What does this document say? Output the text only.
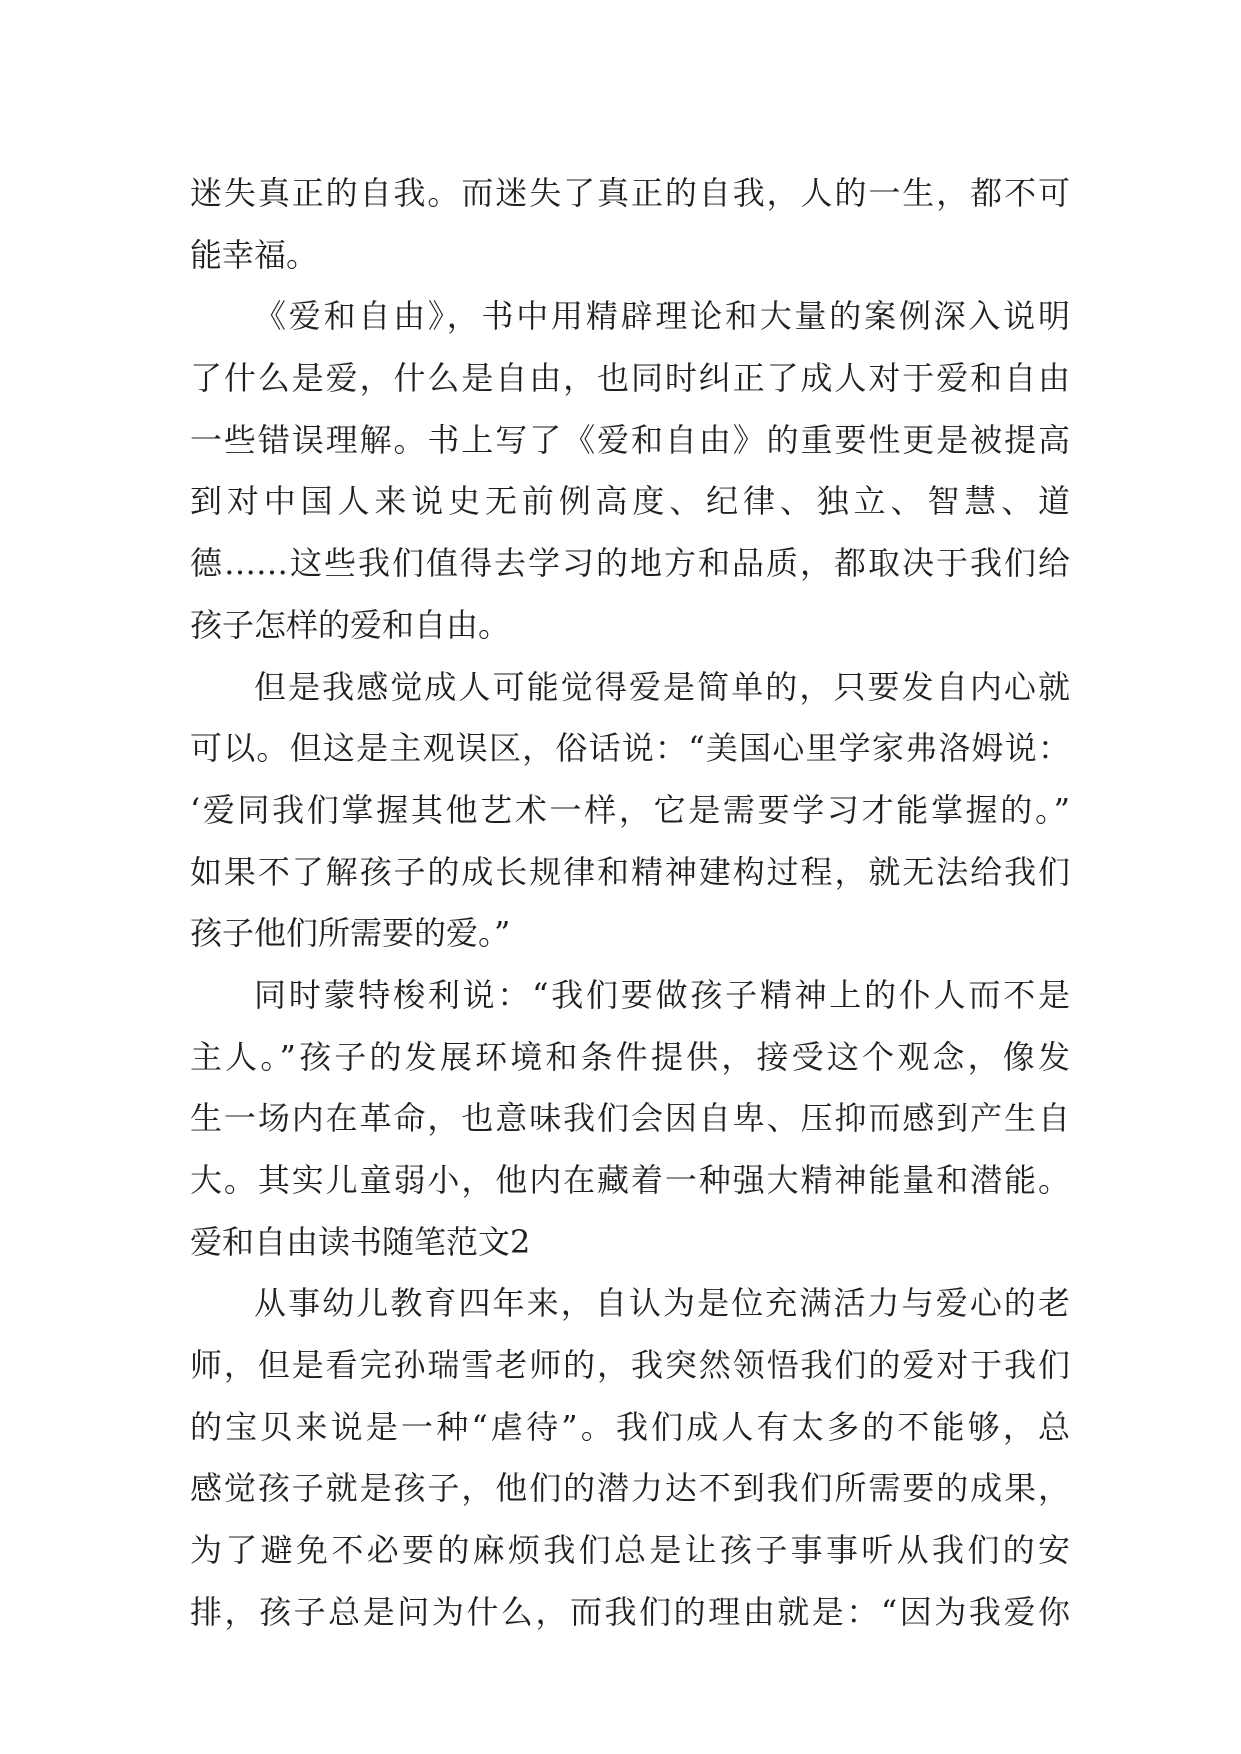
迷失真正的自我。而迷失了真正的自我，人的一生，都不可
能幸福。
《爱和自由》，书中用精辟理论和大量的案例深入说明
了什么是爱，什么是自由，也同时纠正了成人对于爱和自由
一些错误理解。书上写了《爱和自由》的重要性更是被提高
到对中国人来说史无前例高度、纪律、独立、智慧、道
德……这些我们值得去学习的地方和品质，都取决于我们给
孩子怎样的爱和自由。
但是我感觉成人可能觉得爱是简单的，只要发自内心就
可以。但这是主观误区，俗话说：“美国心里学家弗洛姆说：
‘爱同我们掌握其他艺术一样，它是需要学习才能掌握的。”
如果不了解孩子的成长规律和精神建构过程，就无法给我们
孩子他们所需要的爱。”
同时蒙特梭利说：“我们要做孩子精神上的仆人而不是
主人。”孩子的发展环境和条件提供，接受这个观念，像发
生一场内在革命，也意味我们会因自卑、压抑而感到产生自
大。其实儿童弱小，他内在藏着一种强大精神能量和潜能。
爱和自由读书随笔范文2
从事幼儿教育四年来，自认为是位充满活力与爱心的老
师，但是看完孙瑞雪老师的，我突然领悟我们的爱对于我们
的宝贝来说是一种“虐待”。我们成人有太多的不能够，总
感觉孩子就是孩子，他们的潜力达不到我们所需要的成果，
为了避免不必要的麻烦我们总是让孩子事事听从我们的安
排，孩子总是问为什么，而我们的理由就是：“因为我爱你
